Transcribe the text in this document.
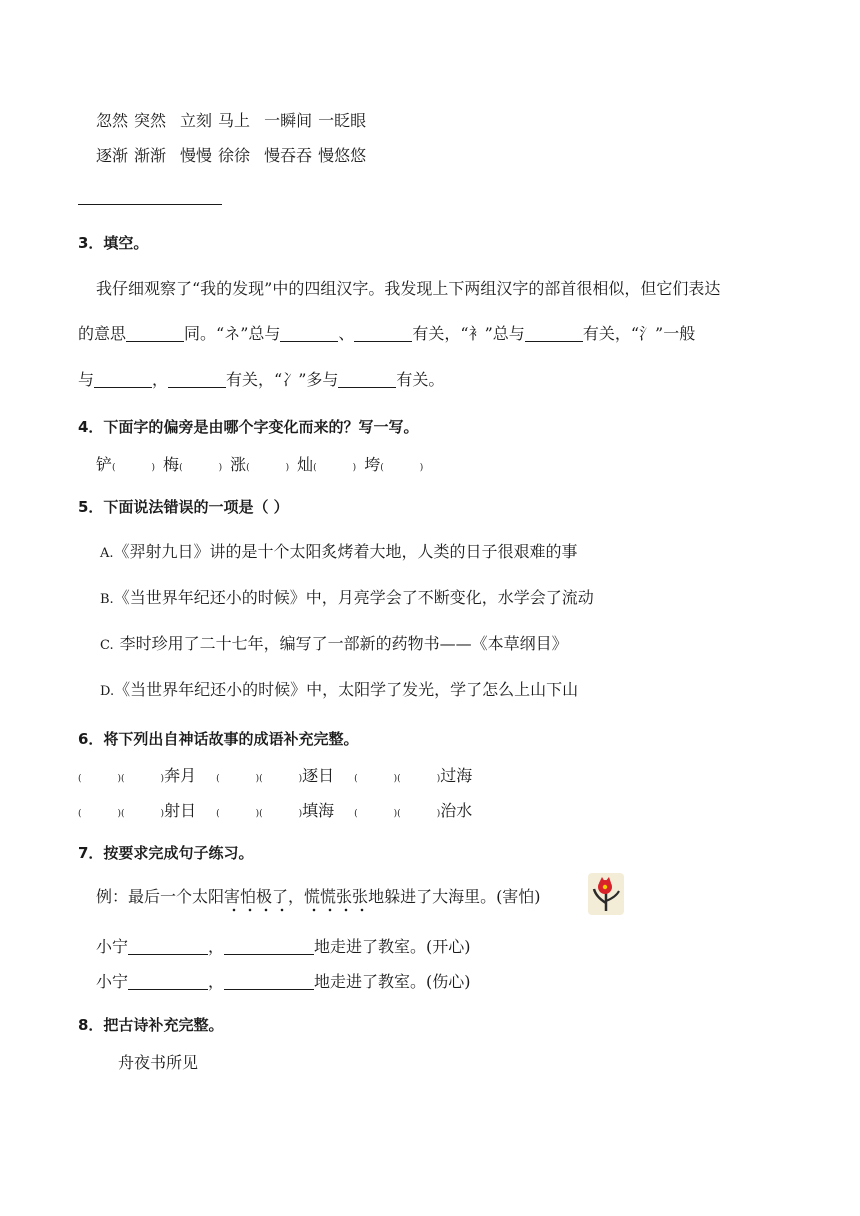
忽然 突然 立刻 马上 一瞬间 一眨眼
逐渐 渐渐 慢慢 徐徐 慢吞吞 慢悠悠
3．填空。
我仔细观察了“我的发现”中的四组汉字。我发现上下两组汉字的部首很相似，但它们表达
的意思	同。“ネ”总与	、	有关，“衤”总与	有关，“氵”一般
与	，	有关，“冫”多与	有关。
4．下面字的偏旁是由哪个字变化而来的？写一写。
铲(	) 梅(	) 涨(	) 灿(	) 垮(	)
5．下面说法错误的一项是（ ）
A.《羿射九日》讲的是十个太阳炙烤着大地，人类的日子很艰难的事
B.《当世界年纪还小的时候》中，月亮学会了不断变化，水学会了流动
C. 李时珍用了二十七年，编写了一部新的药物书——《本草纲目》
D.《当世界年纪还小的时候》中，太阳学了发光，学了怎么上山下山
6．将下列出自神话故事的成语补充完整。
(	)(	)奔月 (	)(	)逐日 (	)(	)过海
(	)(	)射日 (	)(	)填海 (	)(	)治水
7．按要求完成句子练习。
例：最后一个太阳害怕极了
，慌慌张张
地躲进了大海里。(害怕)
小宁	，	地走进了教室。(开心)
小宁	，	地走进了教室。(伤心)
8．把古诗补充完整。
舟夜书所见
